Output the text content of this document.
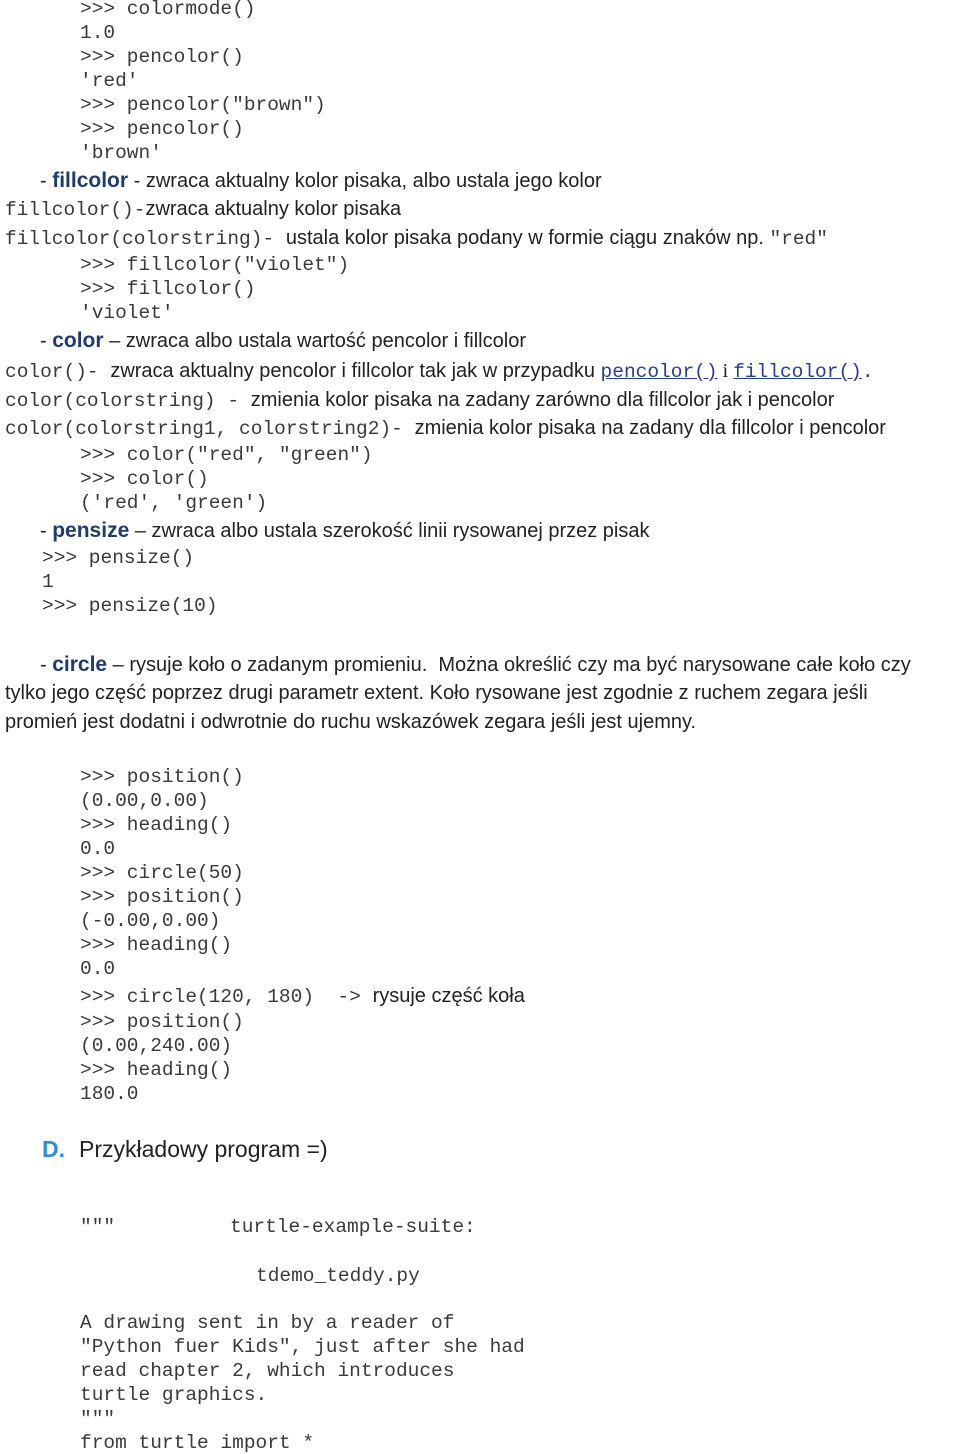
>>> colormode()
1.0
>>> pencolor()
'red'
>>> pencolor("brown")
>>> pencolor()
'brown'
- fillcolor - zwraca aktualny kolor pisaka, albo ustala jego kolor
fillcolor()-zwraca aktualny kolor pisaka
fillcolor(colorstring)- ustala kolor pisaka podany w formie ciągu znaków np. "red"
>>> fillcolor("violet")
>>> fillcolor()
'violet'
- color – zwraca albo ustala wartość pencolor i fillcolor
color()- zwraca aktualny pencolor i fillcolor tak jak w przypadku pencolor() i fillcolor().
color(colorstring) - zmienia kolor pisaka na zadany zarówno dla fillcolor jak i pencolor
color(colorstring1, colorstring2)- zmienia kolor pisaka na zadany dla fillcolor i pencolor
>>> color("red", "green")
>>> color()
('red', 'green')
- pensize – zwraca albo ustala szerokość linii rysowanej przez pisak
>>> pensize()
1
>>> pensize(10)
- circle – rysuje koło o zadanym promieniu.  Można określić czy ma być narysowane całe koło czy
tylko jego część poprzez drugi parametr extent. Koło rysowane jest zgodnie z ruchem zegara jeśli
promień jest dodatni i odwrotnie do ruchu wskazówek zegara jeśli jest ujemny.
>>> position()
(0.00,0.00)
>>> heading()
0.0
>>> circle(50)
>>> position()
(-0.00,0.00)
>>> heading()
0.0
>>> circle(120, 180)  -> rysuje część koła
>>> position()
(0.00,240.00)
>>> heading()
180.0
D. Przykładowy program =)
"""	turtle-example-suite:
tdemo_teddy.py
A drawing sent in by a reader of
"Python fuer Kids", just after she had
read chapter 2, which introduces
turtle graphics.
"""
from turtle import *
